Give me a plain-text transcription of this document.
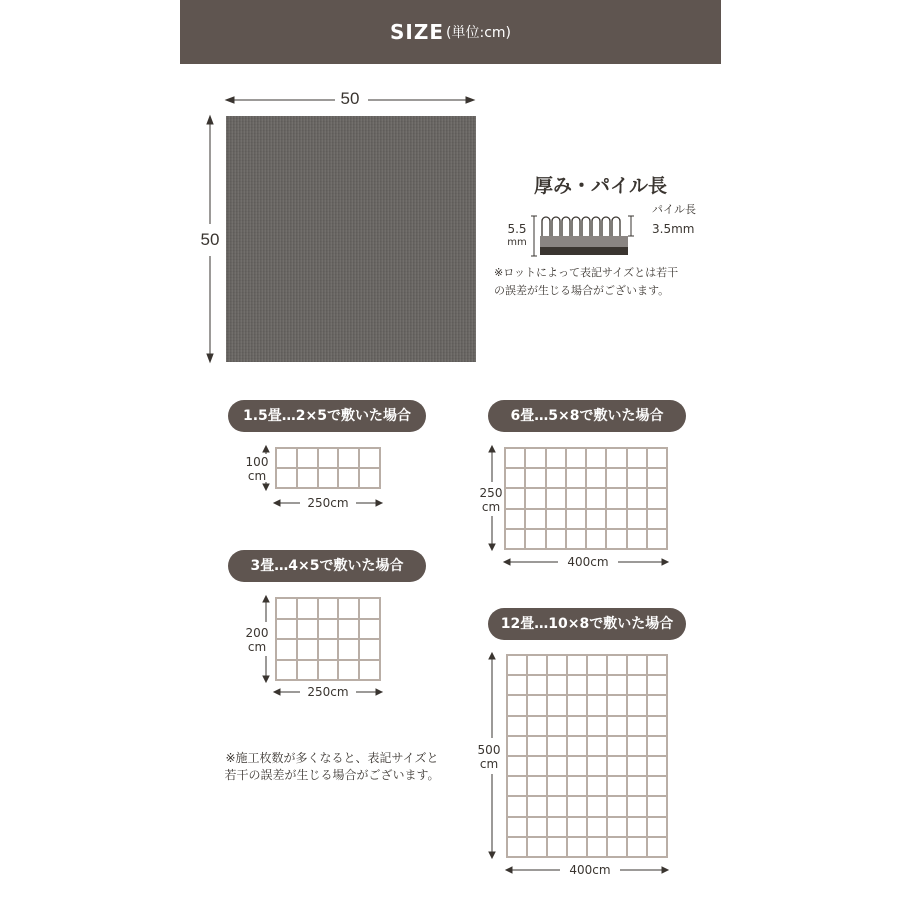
SIZE (単位:cm)
50
50
厚み・パイル長
5.5
mm
パイル長
3.5mm
※ロットによって表記サイズとは若干
の誤差が生じる場合がございます。
1.5畳…2×5で敷いた場合
100
cm
250cm
3畳…4×5で敷いた場合
200
cm
250cm
6畳…5×8で敷いた場合
250
cm
400cm
12畳…10×8で敷いた場合
500
cm
400cm
※施工枚数が多くなると、表記サイズと
若干の誤差が生じる場合がございます。
